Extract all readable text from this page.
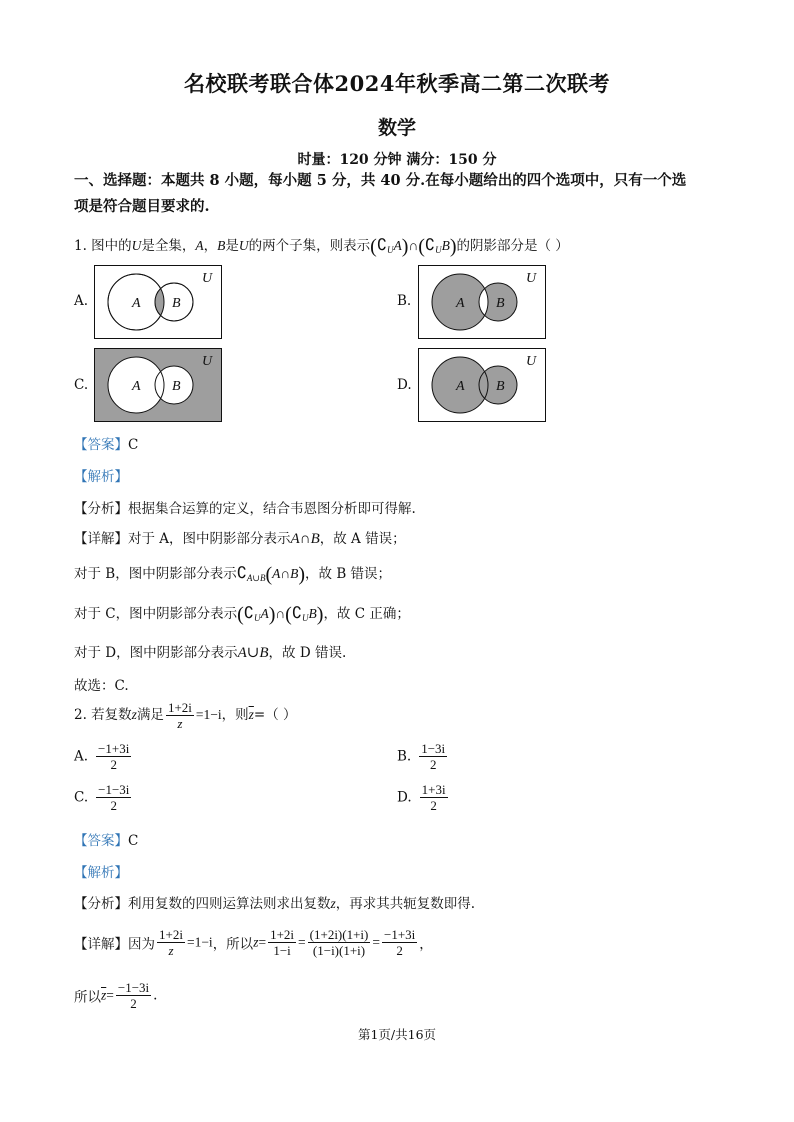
名校联考联合体2024年秋季高二第二次联考
数学
时量：120 分钟 满分：150 分
一、选择题：本题共 8 小题，每小题 5 分，共 40 分.在每小题给出的四个选项中，只有一个选
项是符合题目要求的.
1. 图中的U是全集，A，B是U的两个子集，则表示$(∁_UA)\cap(∁_UB)$的阴影部分是（ ）
A.	A B
U
B.	A B
U
C.	A B
U
D.	A B
U
【答案】C
【解析】
【分析】根据集合运算的定义，结合韦恩图分析即可得解.
【详解】对于 A，图中阴影部分表示A∩B，故 A 错误；
对于 B，图中阴影部分表示$∁_{A\cup B}(A\cap B)$，故 B 错误；
对于 C，图中阴影部分表示$(∁_UA)\cap(∁_UB)$，故 C 正确；
对于 D，图中阴影部分表示A∪B，故 D 错误.
故选：C.
2. 若复数z满足 $\frac{1+2i}{z} =1-i$，则$\overline{z}=$（ ）
A. $\frac{-1+3i}{2}$	B. $\frac{1-3i}{2}$
C. $\frac{-1-3i}{2}$	D. $\frac{1+3i}{2}$
【答案】C
【解析】
【分析】利用复数的四则运算法则求出复数z，再求其共轭复数即得.
【详解】因为 $\frac{1+2i}{z} =1-i$，所以$z= \frac{1+2i}{1-i} = \frac{(1+2i)(1+i)}{(1-i)(1+i)} = \frac{-1+3i}{2}$ ，
所以$\overline{z}= \frac{-1-3i}{2}$ .
第1页/共16页
